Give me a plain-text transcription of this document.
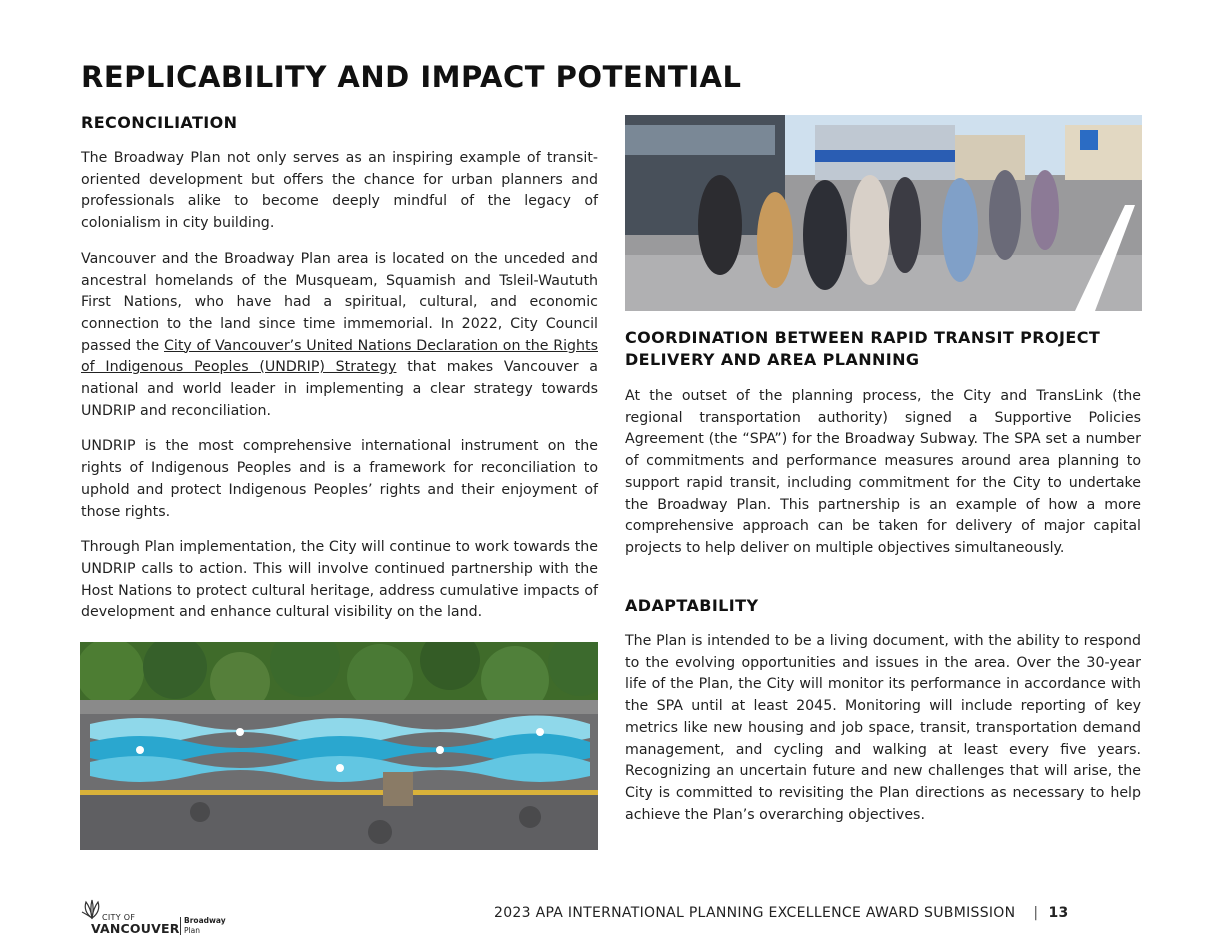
REPLICABILITY AND IMPACT POTENTIAL
RECONCILIATION

The Broadway Plan not only serves as an inspiring example of transit-oriented development but offers the chance for urban planners and professionals alike to become deeply mindful of the legacy of colonialism in city building.

Vancouver and the Broadway Plan area is located on the unceded and ancestral homelands of the Musqueam, Squamish and Tsleil-Waututh First Nations, who have had a spiritual, cultural, and economic connection to the land since time immemorial. In 2022, City Council passed the City of Vancouver’s United Nations Declaration on the Rights of Indigenous Peoples (UNDRIP) Strategy that makes Vancouver a national and world leader in implementing a clear strategy towards UNDRIP and reconciliation.

UNDRIP is the most comprehensive international instrument on the rights of Indigenous Peoples and is a framework for reconciliation to uphold and protect Indigenous Peoples’ rights and their enjoyment of those rights.

Through Plan implementation, the City will continue to work towards the UNDRIP calls to action. This will involve continued partnership with the Host Nations to protect cultural heritage, address cumulative impacts of development and enhance cultural visibility on the land.

COORDINATION BETWEEN RAPID TRANSIT PROJECT DELIVERY AND AREA PLANNING

At the outset of the planning process, the City and TransLink (the regional transportation authority) signed a Supportive Policies Agreement (the “SPA”) for the Broadway Subway. The SPA set a number of commitments and performance measures around area planning to support rapid transit, including commitment for the City to undertake the Broadway Plan. This partnership is an example of how a more comprehensive approach can be taken for delivery of major capital projects to help deliver on multiple objectives simultaneously.

ADAPTABILITY

The Plan is intended to be a living document, with the ability to respond to the evolving opportunities and issues in the area. Over the 30-year life of the Plan, the City will monitor its performance in accordance with the SPA until at least 2045. Monitoring will include reporting of key metrics like new housing and job space, transit, transportation demand management, and cycling and walking at least every five years. Recognizing an uncertain future and new challenges that will arise, the City is committed to revisiting the Plan directions as necessary to help achieve the Plan’s overarching objectives.

CITY OF
VANCOUVER
Broadway
Plan
2023 APA INTERNATIONAL PLANNING EXCELLENCE AWARD SUBMISSION | 13
